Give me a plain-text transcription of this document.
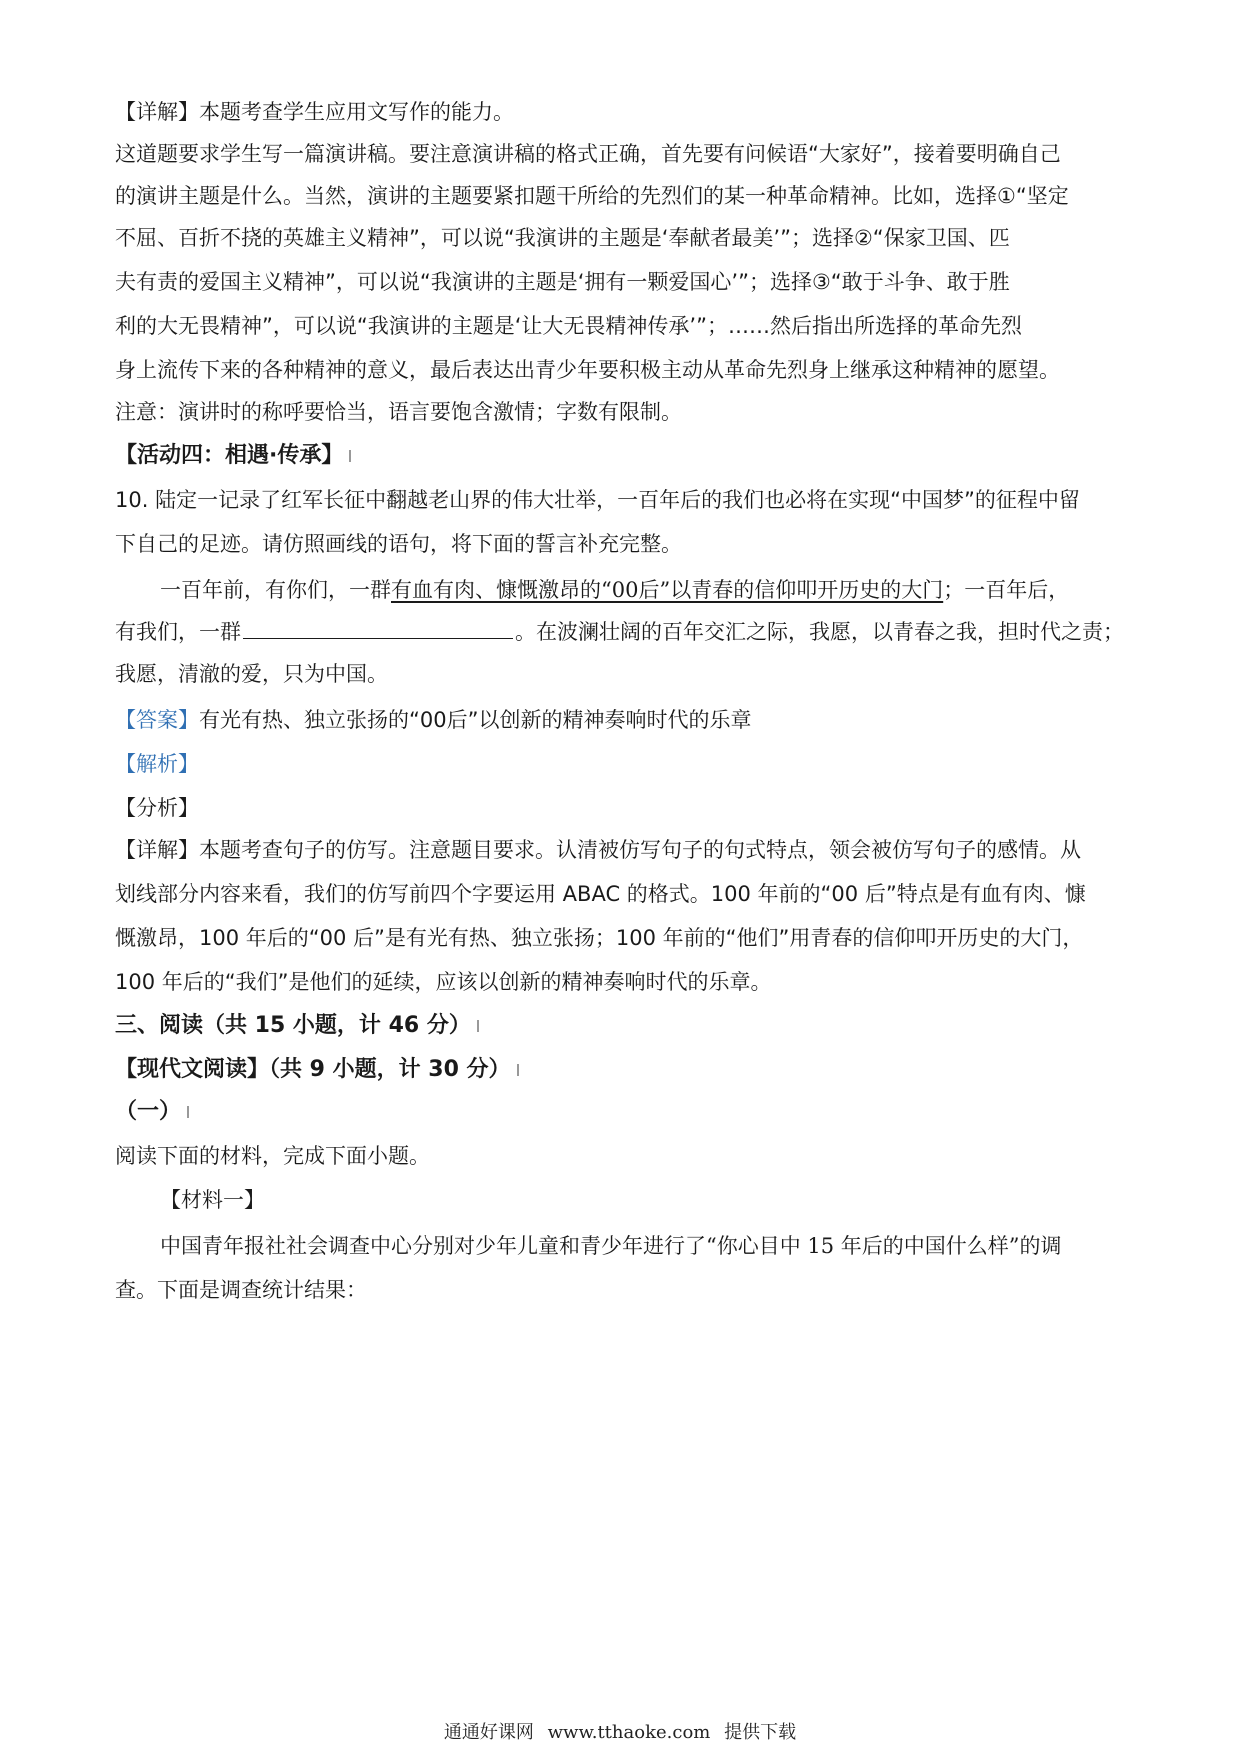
【详解】本题考查学生应用文写作的能力。
这道题要求学生写一篇演讲稿。要注意演讲稿的格式正确，首先要有问候语“大家好”，接着要明确自己
的演讲主题是什么。当然，演讲的主题要紧扣题干所给的先烈们的某一种革命精神。比如，选择①“坚定
不屈、百折不挠的英雄主义精神”，可以说“我演讲的主题是‘奉献者最美’”；选择②“保家卫国、匹
夫有责的爱国主义精神”，可以说“我演讲的主题是‘拥有一颗爱国心’”；选择③“敢于斗争、敢于胜
利的大无畏精神”，可以说“我演讲的主题是‘让大无畏精神传承’”；……然后指出所选择的革命先烈
身上流传下来的各种精神的意义，最后表达出青少年要积极主动从革命先烈身上继承这种精神的愿望。
注意：演讲时的称呼要恰当，语言要饱含激情；字数有限制。
【活动四：相遇·传承】
10. 陆定一记录了红军长征中翻越老山界的伟大壮举，一百年后的我们也必将在实现“中国梦”的征程中留
下自己的足迹。请仿照画线的语句，将下面的誓言补充完整。
一百年前，有你们，一群有血有肉、慷慨激昂的“00后”以青春的信仰叩开历史的大门；一百年后，
有我们，一群	。在波澜壮阔的百年交汇之际，我愿，以青春之我，担时代之责；
我愿，清澈的爱，只为中国。
【答案】有光有热、独立张扬的“00后”以创新的精神奏响时代的乐章
【解析】
【分析】
【详解】本题考查句子的仿写。注意题目要求。认清被仿写句子的句式特点，领会被仿写句子的感情。从
划线部分内容来看，我们的仿写前四个字要运用 ABAC 的格式。100 年前的“00 后”特点是有血有肉、慷
慨激昂，100 年后的“00 后”是有光有热、独立张扬；100 年前的“他们”用青春的信仰叩开历史的大门，
100 年后的“我们”是他们的延续，应该以创新的精神奏响时代的乐章。
三、阅读（共 15 小题，计 46 分）
【现代文阅读】（共 9 小题，计 30 分）
（一）
阅读下面的材料，完成下面小题。
【材料一】
中国青年报社社会调查中心分别对少年儿童和青少年进行了“你心目中 15 年后的中国什么样”的调
查。下面是调查统计结果：
通通好课网 www.tthaoke.com 提供下载
